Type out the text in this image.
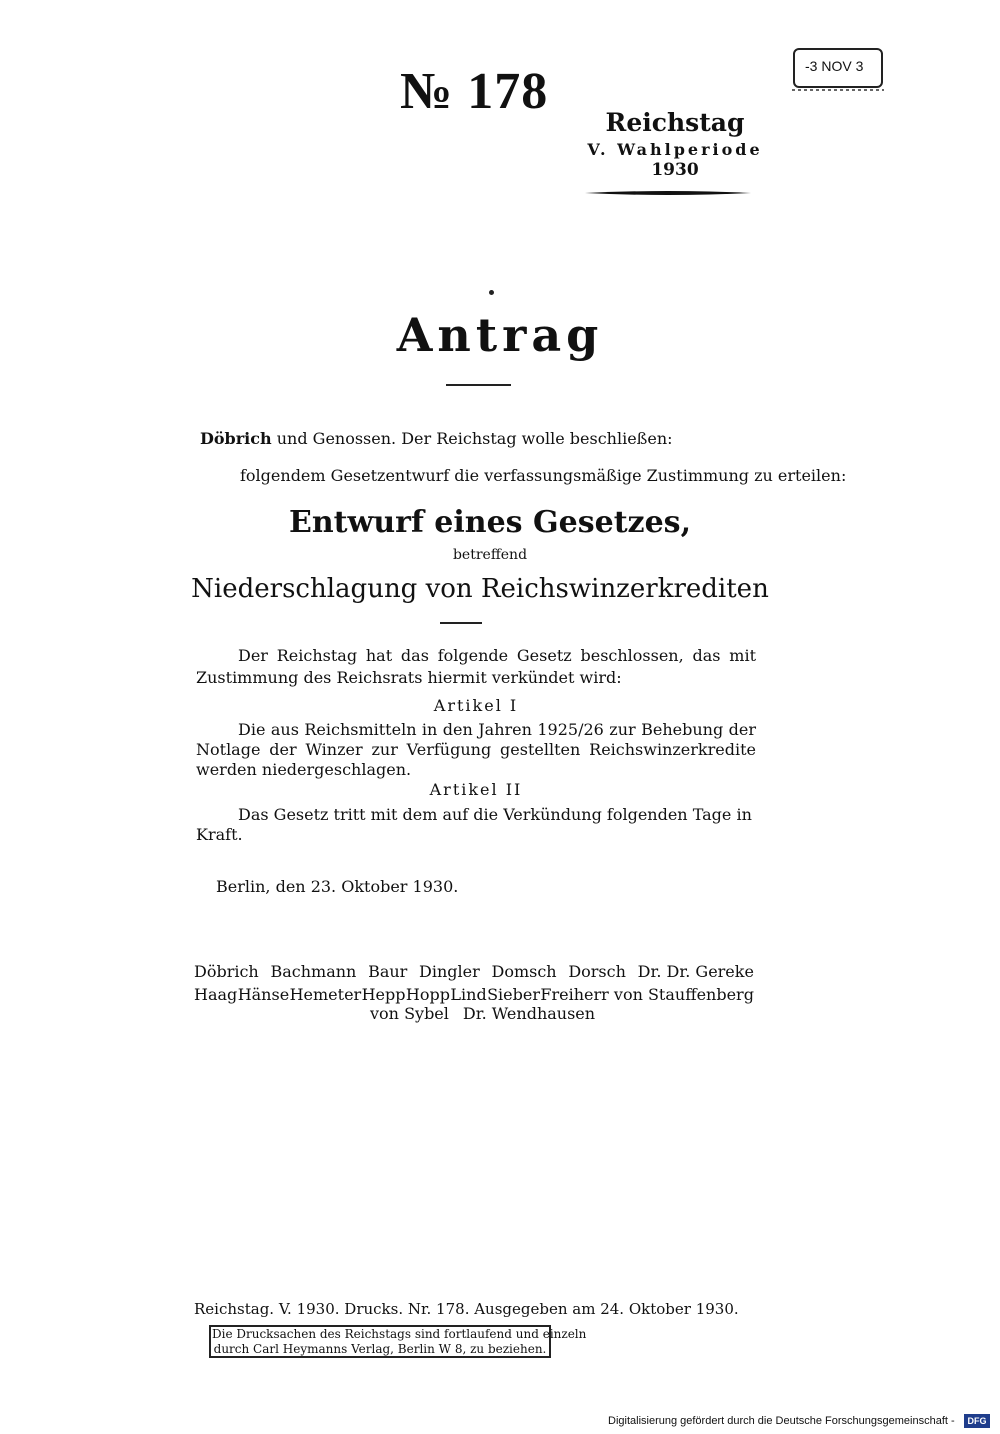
№ 178	-3 NOV 3
Reichstag
V. Wahlperiode
1930
Antrag
Döbrich und Genossen. Der Reichstag wolle beschließen:
folgendem Gesetzentwurf die verfassungsmäßige Zustimmung zu erteilen:
Entwurf eines Gesetzes,
betreffend
Niederschlagung von Reichswinzerkrediten
Der Reichstag hat das folgende Gesetz beschlossen, das mit Zustimmung des Reichsrats hiermit verkündet wird:
Artikel I
Die aus Reichsmitteln in den Jahren 1925/26 zur Behebung der Notlage der Winzer zur Verfügung gestellten Reichswinzerkredite werden niedergeschlagen.
Artikel II
Das Gesetz tritt mit dem auf die Verkündung folgenden Tage in Kraft.
Berlin, den 23. Oktober 1930.
Döbrich Bachmann Baur Dingler Domsch Dorsch Dr. Dr. Gereke
Haag Hänse Hemeter Hepp Hopp Lind Sieber Freiherr von Stauffenberg
von Sybel Dr. Wendhausen
Reichstag. V. 1930. Drucks. Nr. 178. Ausgegeben am 24. Oktober 1930.
Die Drucksachen des Reichstags sind fortlaufend und einzeln
durch Carl Heymanns Verlag, Berlin W 8, zu beziehen.
Digitalisierung gefördert durch die Deutsche Forschungsgemeinschaft -	DFG
